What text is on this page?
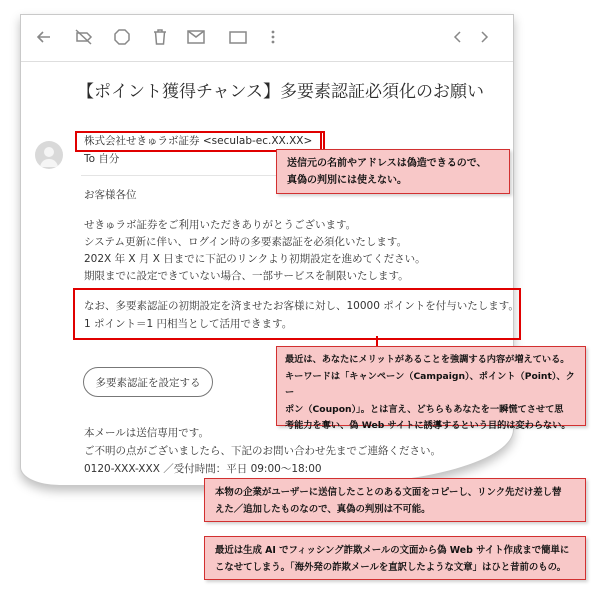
【ポイント獲得チャンス】多要素認証必須化のお願い
株式会社せきゅラボ証券 <seculab-ec.XX.XX>
To 自分
お客様各位
せきゅラボ証券をご利用いただきありがとうございます。
システム更新に伴い、ログイン時の多要素認証を必須化いたします。
202X 年 X 月 X 日までに下記のリンクより初期設定を進めてください。
期限までに設定できていない場合、一部サービスを制限いたします。
なお、多要素認証の初期設定を済ませたお客様に対し、10000 ポイントを付与いたします。
1 ポイント＝1 円相当として活用できます。
多要素認証を設定する
本メールは送信専用です。
ご不明の点がございましたら、下記のお問い合わせ先までご連絡ください。
0120-XXX-XXX ／受付時間：平日 09:00〜18:00
送信元の名前やアドレスは偽造できるので、
真偽の判別には使えない。
最近は、あなたにメリットがあることを強調する内容が増えている。
キーワードは「キャンペーン（Campaign）、ポイント（Point）、クー
ポン（Coupon）」。とは言え、どちらもあなたを一瞬慌てさせて思
考能力を奪い、偽 Web サイトに誘導するという目的は変わらない。
本物の企業がユーザーに送信したことのある文面をコピーし、リンク先だけ差し替
えた／追加したものなので、真偽の判別は不可能。
最近は生成 AI でフィッシング詐欺メールの文面から偽 Web サイト作成まで簡単に
こなせてしまう。「海外発の詐欺メールを直訳したような文章」はひと昔前のもの。
